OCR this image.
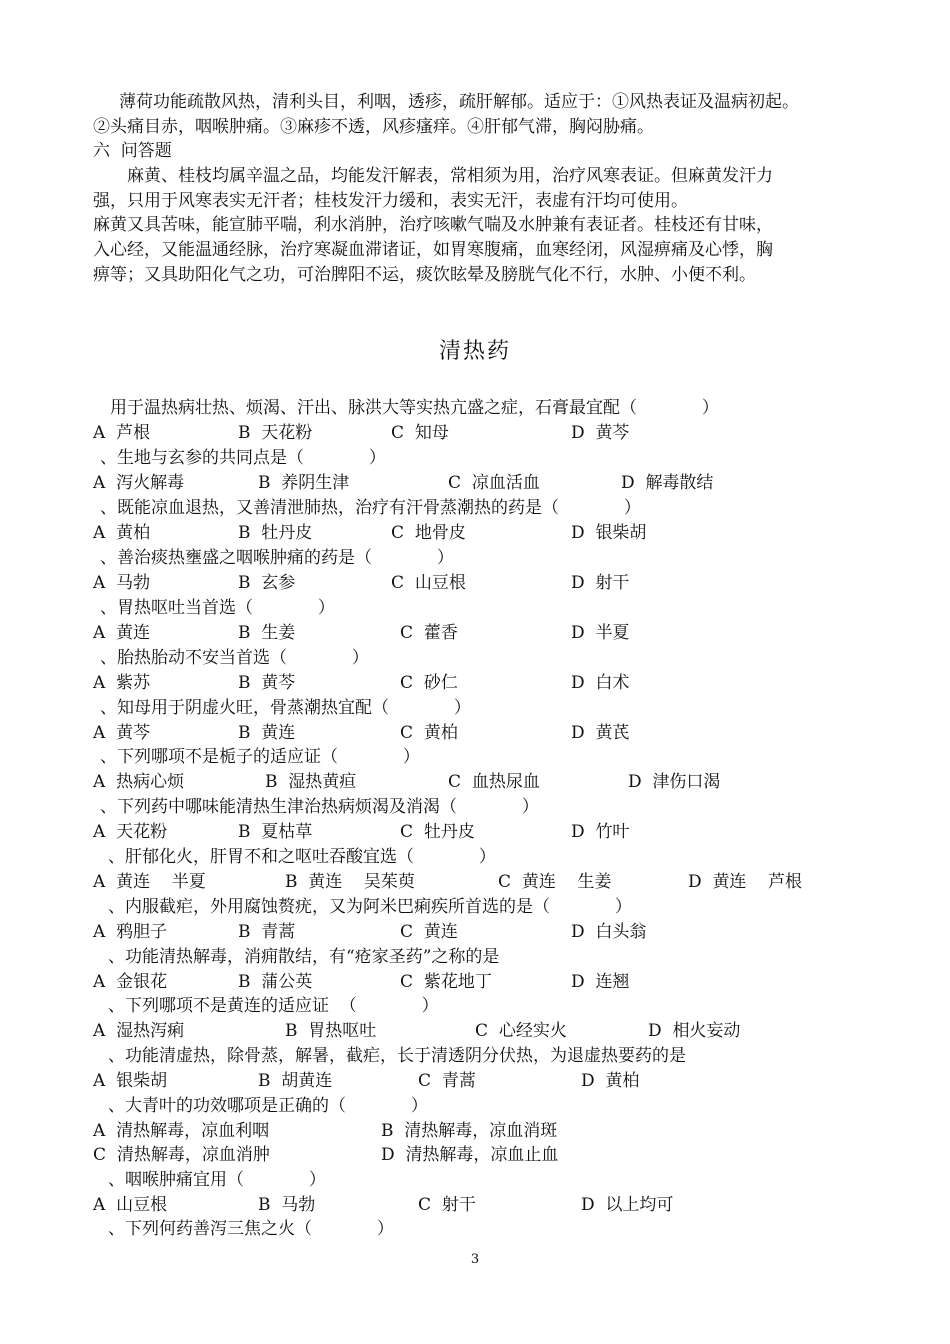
薄荷功能疏散风热，清利头目，利咽，透疹，疏肝解郁。适应于：①风热表证及温病初起。
②头痛目赤，咽喉肿痛。③麻疹不透，风疹瘙痒。④肝郁气滞，胸闷胁痛。
六  问答题
麻黄、桂枝均属辛温之品，均能发汗解表，常相须为用，治疗风寒表证。但麻黄发汗力
强，只用于风寒表实无汗者；桂枝发汗力缓和，表实无汗，表虚有汗均可使用。
麻黄又具苦味，能宣肺平喘，利水消肿，治疗咳嗽气喘及水肿兼有表证者。桂枝还有甘味，
入心经，又能温通经脉，治疗寒凝血滞诸证，如胃寒腹痛，血寒经闭，风湿痹痛及心悸，胸
痹等；又具助阳化气之功，可治脾阳不运，痰饮眩晕及膀胱气化不行，水肿、小便不利。
清热药
用于温热病壮热、烦渴、汗出、脉洪大等实热亢盛之症，石膏最宜配（            ）
A  芦根	B  天花粉	C  知母	D  黄芩
、生地与玄参的共同点是（            ）
A  泻火解毒	B  养阴生津	C  凉血活血	D  解毒散结
、既能凉血退热，又善清泄肺热，治疗有汗骨蒸潮热的药是（            ）
A  黄柏	B  牡丹皮	C  地骨皮	D  银柴胡
、善治痰热壅盛之咽喉肿痛的药是（            ）
A  马勃	B  玄参	C  山豆根	D  射干
、胃热呕吐当首选（            ）
A  黄连	B  生姜	C  藿香	D  半夏
、胎热胎动不安当首选（            ）
A  紫苏	B  黄芩	C  砂仁	D  白术
、知母用于阴虚火旺，骨蒸潮热宜配（            ）
A  黄芩	B  黄连	C  黄柏	D  黄芪
、下列哪项不是栀子的适应证（            ）
A  热病心烦	B  湿热黄疸	C  血热尿血	D  津伤口渴
、下列药中哪味能清热生津治热病烦渴及消渴（            ）
A  天花粉	B  夏枯草	C  牡丹皮	D  竹叶
、肝郁化火，肝胃不和之呕吐吞酸宜选（            ）
A  黄连    半夏	B  黄连    吴茱萸	C  黄连    生姜	D  黄连    芦根
、内服截疟，外用腐蚀赘疣，又为阿米巴痢疾所首选的是（            ）
A  鸦胆子	B  青蒿	C  黄连	D  白头翁
、功能清热解毒，消痈散结，有“疮家圣药”之称的是
A  金银花	B  蒲公英	C  紫花地丁	D  连翘
、下列哪项不是黄连的适应证  （            ）
A  湿热泻痢	B  胃热呕吐	C  心经实火	D  相火妄动
、功能清虚热，除骨蒸，解暑，截疟，长于清透阴分伏热，为退虚热要药的是
A  银柴胡	B  胡黄连	C  青蒿	D  黄柏
、大青叶的功效哪项是正确的（            ）
A  清热解毒，凉血利咽	B  清热解毒，凉血消斑
C  清热解毒，凉血消肿	D  清热解毒，凉血止血
、咽喉肿痛宜用（            ）
A  山豆根	B  马勃	C  射干	D  以上均可
、下列何药善泻三焦之火（            ）
3
